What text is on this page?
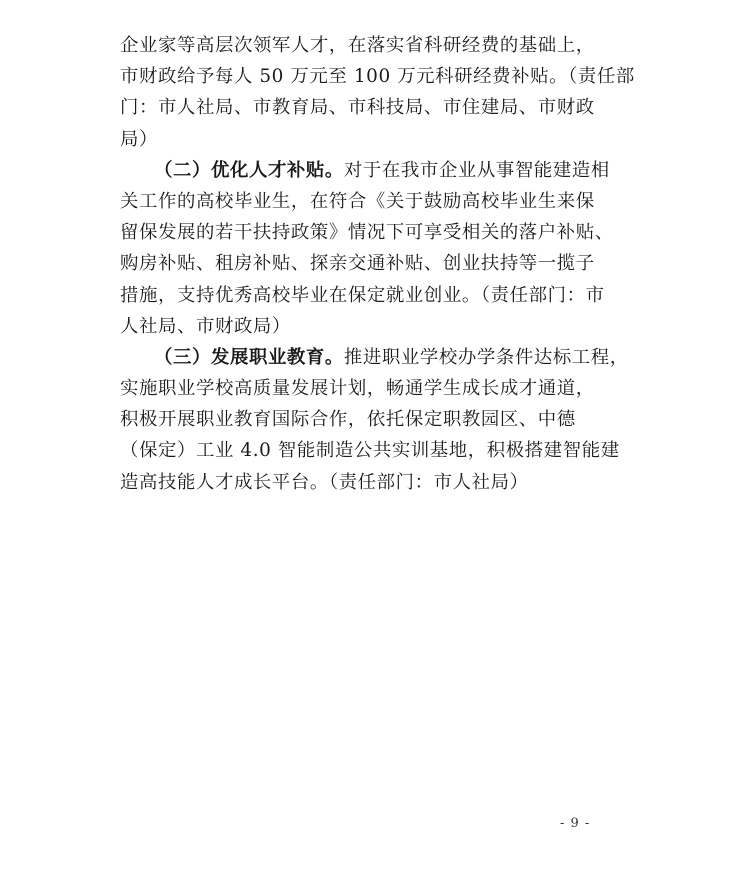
企业家等高层次领军人才，在落实省科研经费的基础上，
市财政给予每人 50 万元至 100 万元科研经费补贴。（责任部
门：市人社局、市教育局、市科技局、市住建局、市财政
局）
（二）优化人才补贴。对于在我市企业从事智能建造相
关工作的高校毕业生，在符合《关于鼓励高校毕业生来保
留保发展的若干扶持政策》情况下可享受相关的落户补贴、
购房补贴、租房补贴、探亲交通补贴、创业扶持等一揽子
措施，支持优秀高校毕业在保定就业创业。（责任部门：市
人社局、市财政局）
（三）发展职业教育。推进职业学校办学条件达标工程，
实施职业学校高质量发展计划，畅通学生成长成才通道，
积极开展职业教育国际合作，依托保定职教园区、中德
（保定）工业 4.0 智能制造公共实训基地，积极搭建智能建
造高技能人才成长平台。（责任部门：市人社局）
- 9 -
